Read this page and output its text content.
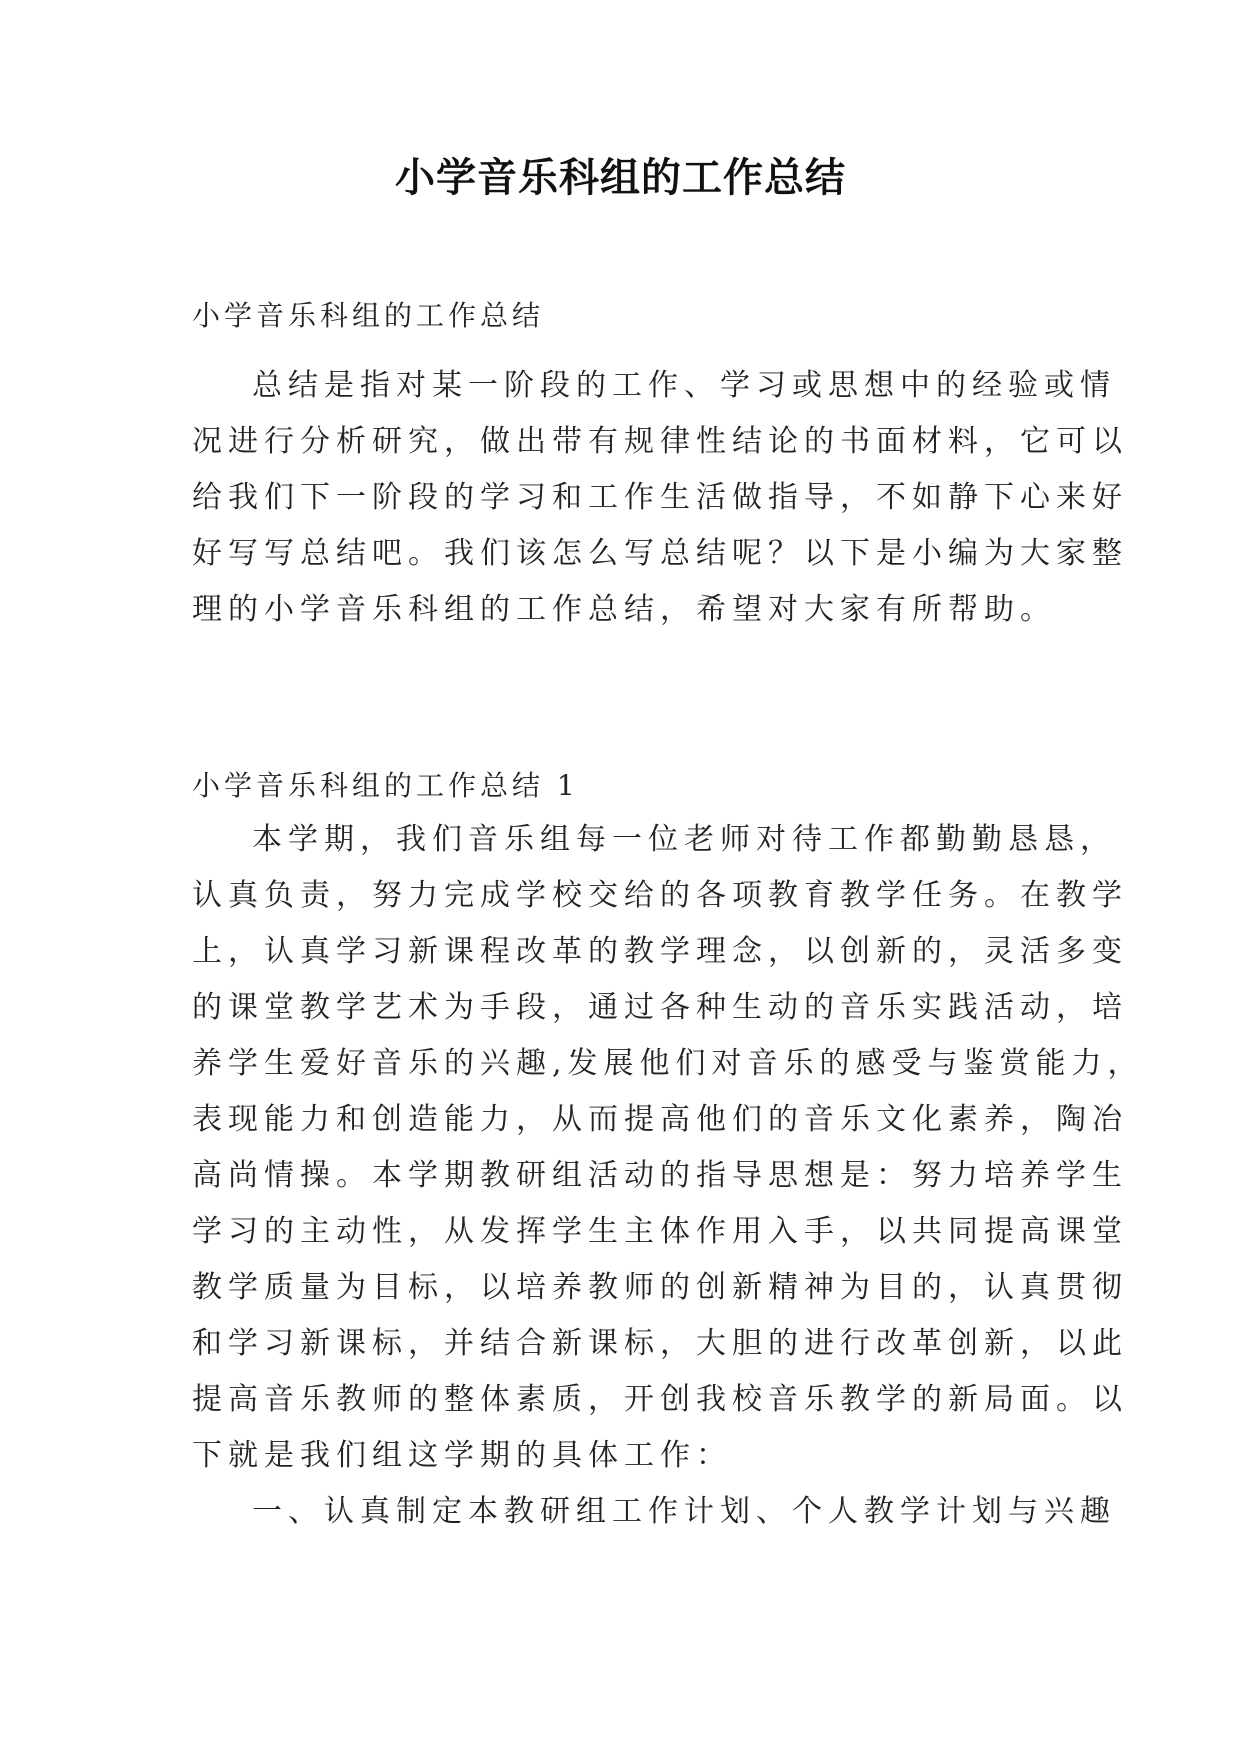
小学音乐科组的工作总结
小学音乐科组的工作总结
总结是指对某一阶段的工作、学习或思想中的经验或情
况进行分析研究，做出带有规律性结论的书面材料，它可以
给我们下一阶段的学习和工作生活做指导，不如静下心来好
好写写总结吧。我们该怎么写总结呢？以下是小编为大家整
理的小学音乐科组的工作总结，希望对大家有所帮助。
小学音乐科组的工作总结 1
本学期，我们音乐组每一位老师对待工作都勤勤恳恳，
认真负责，努力完成学校交给的各项教育教学任务。在教学
上，认真学习新课程改革的教学理念，以创新的，灵活多变
的课堂教学艺术为手段，通过各种生动的音乐实践活动，培
养学生爱好音乐的兴趣,发展他们对音乐的感受与鉴赏能力，
表现能力和创造能力，从而提高他们的音乐文化素养，陶冶
高尚情操。本学期教研组活动的指导思想是：努力培养学生
学习的主动性，从发挥学生主体作用入手，以共同提高课堂
教学质量为目标，以培养教师的创新精神为目的，认真贯彻
和学习新课标，并结合新课标，大胆的进行改革创新，以此
提高音乐教师的整体素质，开创我校音乐教学的新局面。以
下就是我们组这学期的具体工作：
一、认真制定本教研组工作计划、个人教学计划与兴趣
